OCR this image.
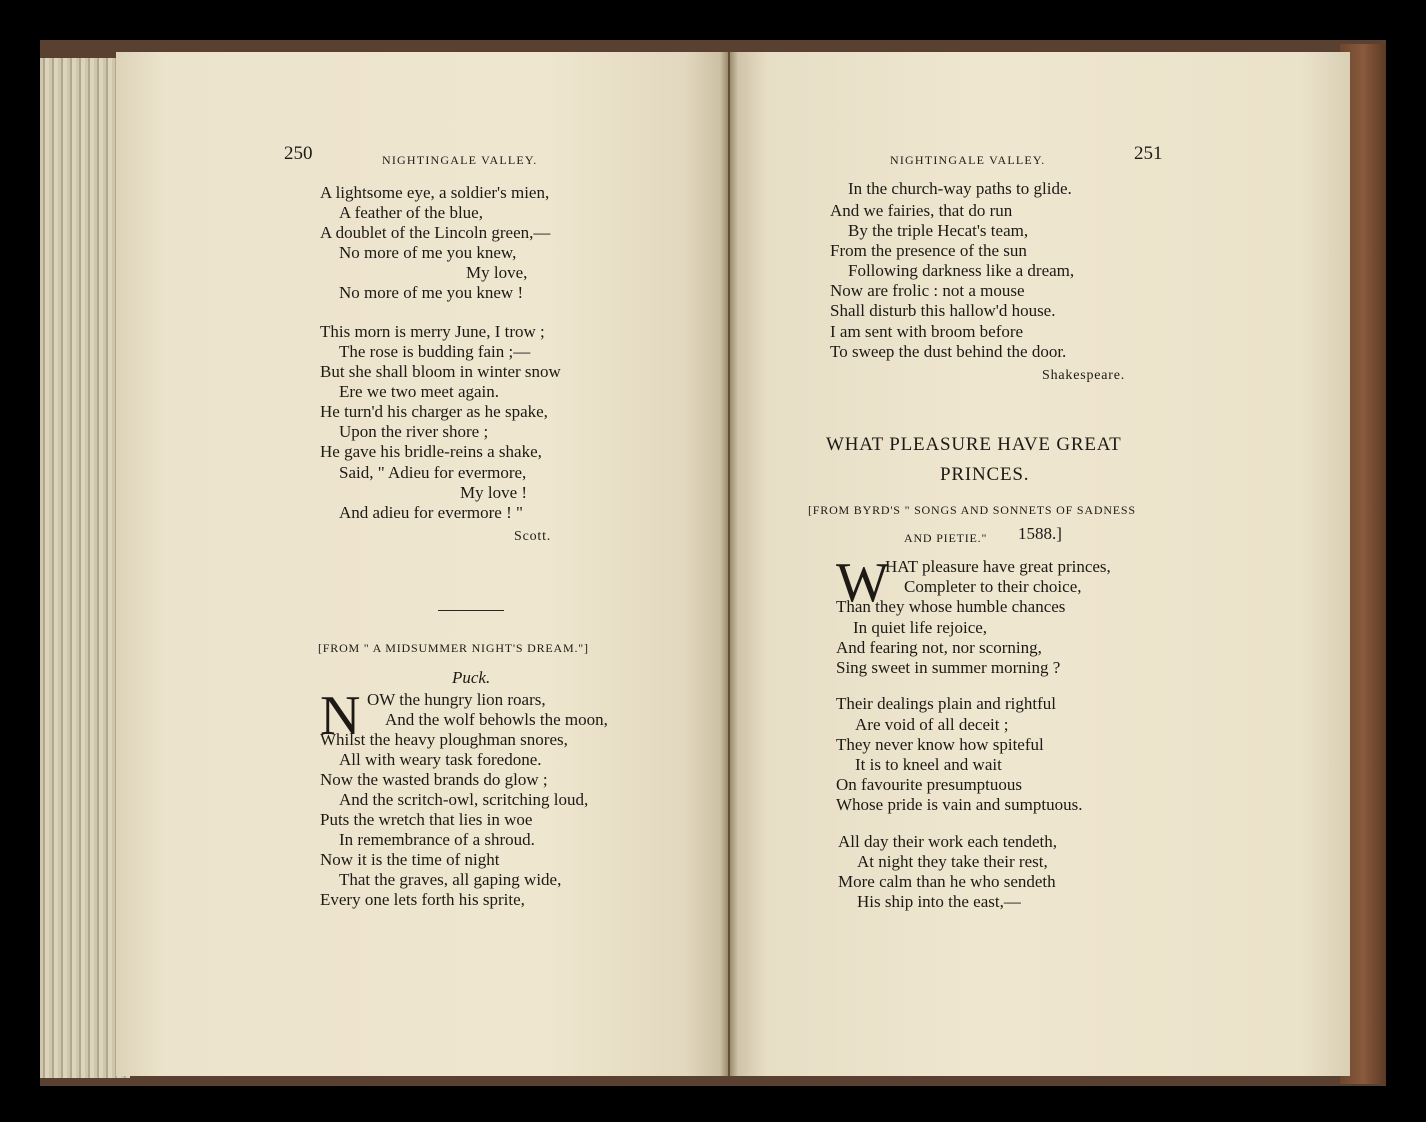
250	NIGHTINGALE VALLEY.
A lightsome eye, a soldier's mien,
A feather of the blue,
A doublet of the Lincoln green,—
No more of me you knew,
My love,
No more of me you knew !
This morn is merry June, I trow ;
The rose is budding fain ;—
But she shall bloom in winter snow
Ere we two meet again.
He turn'd his charger as he spake,
Upon the river shore ;
He gave his bridle-reins a shake,
Said, " Adieu for evermore,
My love !
And adieu for evermore ! "
Scott.
[FROM " A MIDSUMMER NIGHT'S DREAM."]
Puck.
N OW the hungry lion roars,
And the wolf behowls the moon,
Whilst the heavy ploughman snores,
All with weary task foredone.
Now the wasted brands do glow ;
And the scritch-owl, scritching loud,
Puts the wretch that lies in woe
In remembrance of a shroud.
Now it is the time of night
That the graves, all gaping wide,
Every one lets forth his sprite,
NIGHTINGALE VALLEY.	251
In the church-way paths to glide.
And we fairies, that do run
By the triple Hecat's team,
From the presence of the sun
Following darkness like a dream,
Now are frolic : not a mouse
Shall disturb this hallow'd house.
I am sent with broom before
To sweep the dust behind the door.
Shakespeare.
WHAT PLEASURE HAVE GREAT
PRINCES.
[FROM BYRD'S " SONGS AND SONNETS OF SADNESS
AND PIETIE." 1588.]
W
HAT pleasure have great princes,
Completer to their choice,
Than they whose humble chances
In quiet life rejoice,
And fearing not, nor scorning,
Sing sweet in summer morning ?
Their dealings plain and rightful
Are void of all deceit ;
They never know how spiteful
It is to kneel and wait
On favourite presumptuous
Whose pride is vain and sumptuous.
All day their work each tendeth,
At night they take their rest,
More calm than he who sendeth
His ship into the east,—
